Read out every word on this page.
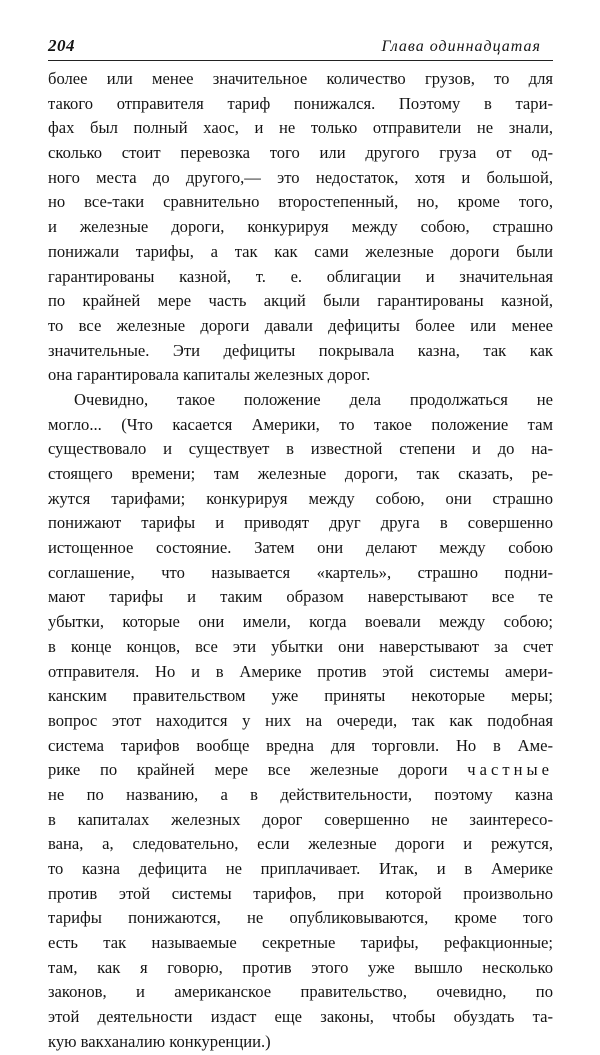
204	Глава одиннадцатая

более или менее значительное количество грузов, то для
такого отправителя тариф понижался. Поэтому в тари-
фах был полный хаос, и не только отправители не знали,
сколько стоит перевозка того или другого груза от од-
ного места до другого,— это недостаток, хотя и большой,
но все-таки сравнительно второстепенный, но, кроме того,
и железные дороги, конкурируя между собою, страшно
понижали тарифы, а так как сами железные дороги были
гарантированы казной, т. е. облигации и значительная
по крайней мере часть акций были гарантированы казной,
то все железные дороги давали дефициты более или менее
значительные. Эти дефициты покрывала казна, так как
она гарантировала капиталы железных дорог.

Очевидно, такое положение дела продолжаться не
могло... (Что касается Америки, то такое положение там
существовало и существует в известной степени и до на-
стоящего времени; там железные дороги, так сказать, ре-
жутся тарифами; конкурируя между собою, они страшно
понижают тарифы и приводят друг друга в совершенно
истощенное состояние. Затем они делают между собою
соглашение, что называется «картель», страшно подни-
мают тарифы и таким образом наверстывают все те
убытки, которые они имели, когда воевали между собою;
в конце концов, все эти убытки они наверстывают за счет
отправителя. Но и в Америке против этой системы амери-
канским правительством уже приняты некоторые меры;
вопрос этот находится у них на очереди, так как подобная
система тарифов вообще вредна для торговли. Но в Аме-
рике по крайней мере все железные дороги частные
не по названию, а в действительности, поэтому казна
в капиталах железных дорог совершенно не заинтересо-
вана, а, следовательно, если железные дороги и режутся,
то казна дефицита не приплачивает. Итак, и в Америке
против этой системы тарифов, при которой произвольно
тарифы понижаются, не опубликовываются, кроме того
есть так называемые секретные тарифы, рефакционные;
там, как я говорю, против этого уже вышло несколько
законов, и американское правительство, очевидно, по
этой деятельности издаст еще законы, чтобы обуздать та-
кую вакханалию конкуренции.)
